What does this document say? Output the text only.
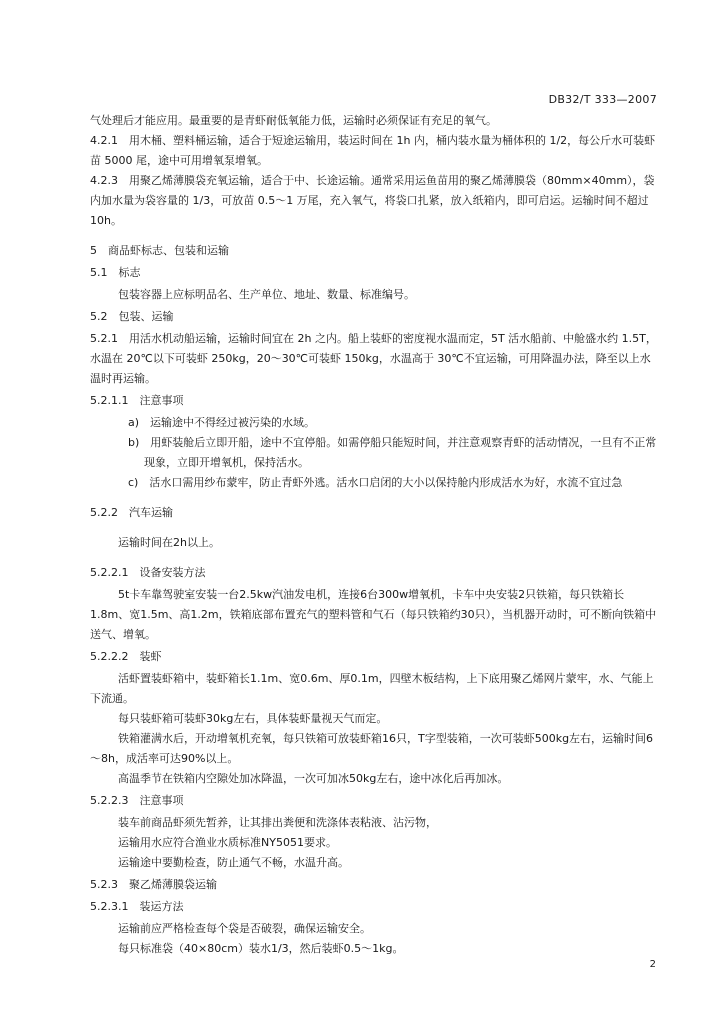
DB32/T 333—2007

气处理后才能应用。最重要的是青虾耐低氧能力低，运输时必须保证有充足的氧气。

4.2.1　用木桶、塑料桶运输，适合于短途运输用，装运时间在 1h 内，桶内装水量为桶体积的 1/2，每公斤水可装虾苗 5000 尾，途中可用增氧泵增氧。

4.2.3　用聚乙烯薄膜袋充氧运输，适合于中、长途运输。通常采用运鱼苗用的聚乙烯薄膜袋（80mm×40mm），袋内加水量为袋容量的 1/3，可放苗 0.5～1 万尾，充入氧气，将袋口扎紧，放入纸箱内，即可启运。运输时间不超过 10h。

5　商品虾标志、包装和运输

5.1　标志

包装容器上应标明品名、生产单位、地址、数量、标准编号。

5.2　包装、运输

5.2.1　用活水机动船运输，运输时间宜在 2h 之内。船上装虾的密度视水温而定，5T 活水船前、中舱盛水约 1.5T，水温在 20℃以下可装虾 250kg，20～30℃可装虾 150kg，水温高于 30℃不宜运输，可用降温办法，降至以上水温时再运输。

5.2.1.1　注意事项

a)　运输途中不得经过被污染的水域。

b)　用虾装舱后立即开船，途中不宜停船。如需停船只能短时间，并注意观察青虾的活动情况，一旦有不正常现象，立即开增氧机，保持活水。

c)　活水口需用纱布蒙牢，防止青虾外逃。活水口启闭的大小以保持舱内形成活水为好，水流不宜过急

5.2.2　汽车运输

运输时间在2h以上。

5.2.2.1　设备安装方法

5t卡车靠驾驶室安装一台2.5kw汽油发电机，连接6台300w增氧机，卡车中央安装2只铁箱，每只铁箱长1.8m、宽1.5m、高1.2m，铁箱底部布置充气的塑料管和气石（每只铁箱约30只），当机器开动时，可不断向铁箱中送气、增氧。

5.2.2.2　装虾

活虾置装虾箱中，装虾箱长1.1m、宽0.6m、厚0.1m，四壁木板结构，上下底用聚乙烯网片蒙牢，水、气能上下流通。

每只装虾箱可装虾30kg左右，具体装虾量视天气而定。

铁箱灌满水后，开动增氧机充氧，每只铁箱可放装虾箱16只，T字型装箱，一次可装虾500kg左右，运输时间6～8h，成活率可达90%以上。

高温季节在铁箱内空隙处加冰降温，一次可加冰50kg左右，途中冰化后再加冰。

5.2.2.3　注意事项

装车前商品虾须先暂养，让其排出粪便和洗涤体表粘液、沾污物，

运输用水应符合渔业水质标准NY5051要求。

运输途中要勤检查，防止通气不畅，水温升高。

5.2.3　聚乙烯薄膜袋运输

5.2.3.1　装运方法

运输前应严格检查每个袋是否破裂，确保运输安全。

每只标准袋（40×80cm）装水1/3，然后装虾0.5～1kg。

2
